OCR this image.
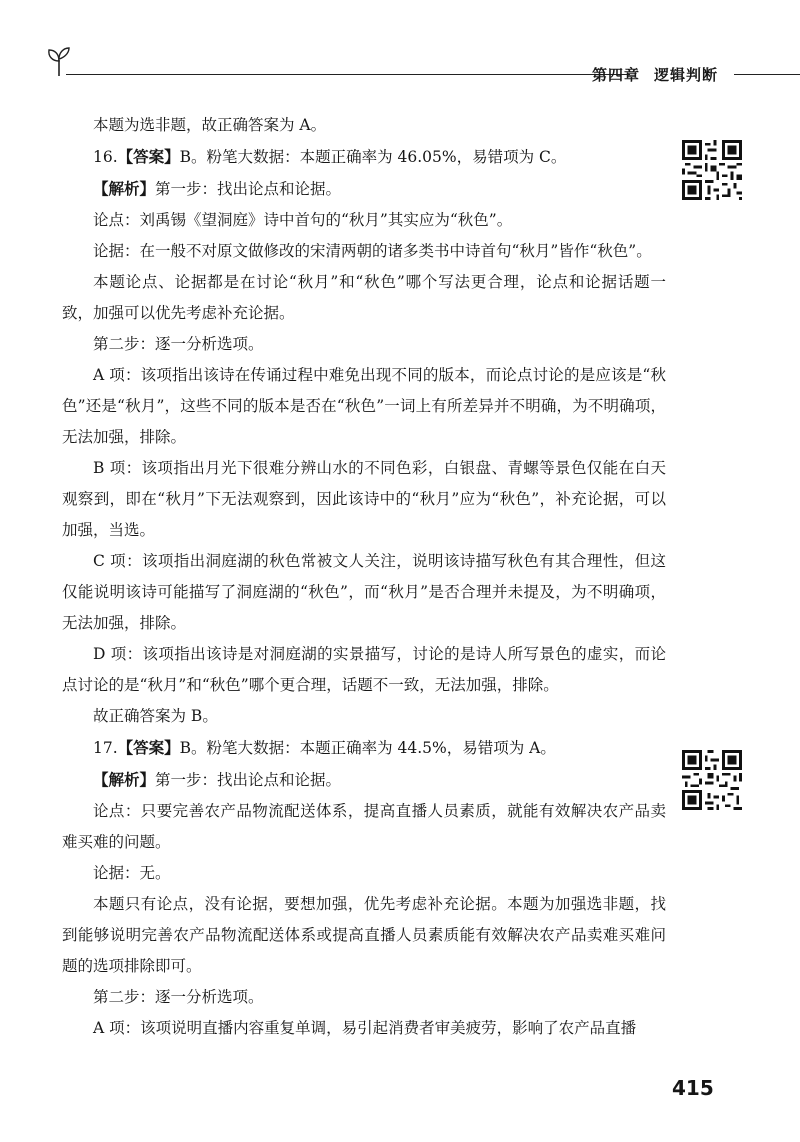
第四章 逻辑判断

本题为选非题，故正确答案为 A。

16.【答案】B。粉笔大数据：本题正确率为 46.05%，易错项为 C。

【解析】第一步：找出论点和论据。

论点：刘禹锡《望洞庭》诗中首句的“秋月”其实应为“秋色”。

论据：在一般不对原文做修改的宋清两朝的诸多类书中诗首句“秋月”皆作“秋色”。

本题论点、论据都是在讨论“秋月”和“秋色”哪个写法更合理，论点和论据话题一致，加强可以优先考虑补充论据。

第二步：逐一分析选项。

A 项：该项指出该诗在传诵过程中难免出现不同的版本，而论点讨论的是应该是“秋色”还是“秋月”，这些不同的版本是否在“秋色”一词上有所差异并不明确，为不明确项，无法加强，排除。

B 项：该项指出月光下很难分辨山水的不同色彩，白银盘、青螺等景色仅能在白天观察到，即在“秋月”下无法观察到，因此该诗中的“秋月”应为“秋色”，补充论据，可以加强，当选。

C 项：该项指出洞庭湖的秋色常被文人关注，说明该诗描写秋色有其合理性，但这仅能说明该诗可能描写了洞庭湖的“秋色”，而“秋月”是否合理并未提及，为不明确项，无法加强，排除。

D 项：该项指出该诗是对洞庭湖的实景描写，讨论的是诗人所写景色的虚实，而论点讨论的是“秋月”和“秋色”哪个更合理，话题不一致，无法加强，排除。

故正确答案为 B。

17.【答案】B。粉笔大数据：本题正确率为 44.5%，易错项为 A。

【解析】第一步：找出论点和论据。

论点：只要完善农产品物流配送体系，提高直播人员素质，就能有效解决农产品卖难买难的问题。

论据：无。

本题只有论点，没有论据，要想加强，优先考虑补充论据。本题为加强选非题，找到能够说明完善农产品物流配送体系或提高直播人员素质能有效解决农产品卖难买难问题的选项排除即可。

第二步：逐一分析选项。

A 项：该项说明直播内容重复单调，易引起消费者审美疲劳，影响了农产品直播

415
